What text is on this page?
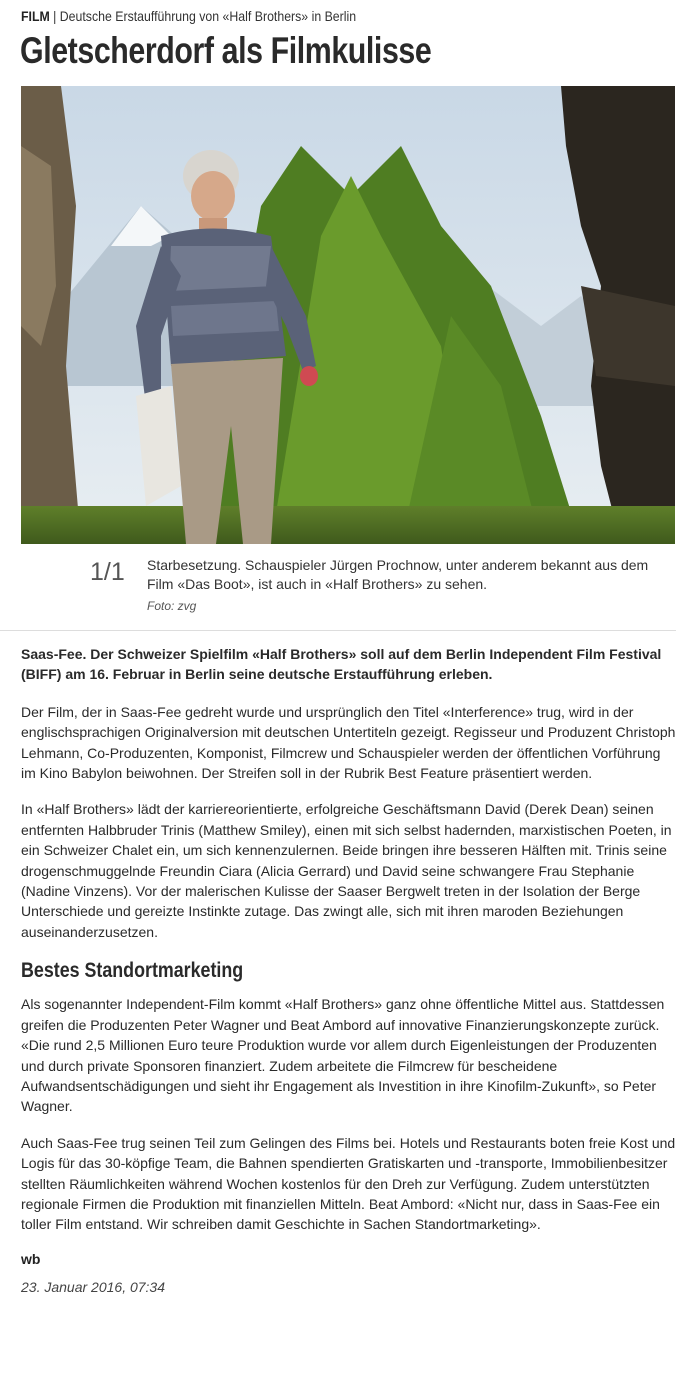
FILM | Deutsche Erstaufführung von «Half Brothers» in Berlin
Gletscherdorf als Filmkulisse
1/1 Starbesetzung. Schauspieler Jürgen Prochnow, unter anderem bekannt aus dem Film «Das Boot», ist auch in «Half Brothers» zu sehen.
Foto: zvg

Saas-Fee. Der Schweizer Spielfilm «Half Brothers» soll auf dem Berlin Independent Film Festival (BIFF) am 16. Februar in Berlin seine deutsche Erstaufführung erleben.

Der Film, der in Saas-Fee gedreht wurde und ursprünglich den Titel «Interference» trug, wird in der englischsprachigen Originalversion mit deutschen Untertiteln gezeigt. Regisseur und Produzent Christoph Lehmann, Co-Produzenten, Komponist, Filmcrew und Schauspieler werden der öffentlichen Vorführung im Kino Babylon beiwohnen. Der Streifen soll in der Rubrik Best Feature präsentiert werden.

In «Half Brothers» lädt der karriereorientierte, erfolgreiche Geschäftsmann David (Derek Dean) seinen entfernten Halbbruder Trinis (Matthew Smiley), einen mit sich selbst hadernden, marxistischen Poeten, in ein Schweizer Chalet ein, um sich kennenzulernen. Beide bringen ihre besseren Hälften mit. Trinis seine drogenschmuggelnde Freundin Ciara (Alicia Gerrard) und David seine schwangere Frau Stephanie (Nadine Vinzens). Vor der malerischen Kulisse der Saaser Bergwelt treten in der Isolation der Berge Unterschiede und gereizte Instinkte zutage. Das zwingt alle, sich mit ihren maroden Beziehungen auseinanderzusetzen.

Bestes Standortmarketing

Als sogenannter Independent-Film kommt «Half Brothers» ganz ohne öffentliche Mittel aus. Stattdessen greifen die Produzenten Peter Wagner und Beat Ambord auf innovative Finanzierungskonzepte zurück. «Die rund 2,5 Millionen Euro teure Produktion wurde vor allem durch Eigenleistungen der Produzenten und durch private Sponsoren finanziert. Zudem arbeitete die Filmcrew für bescheidene Aufwandsentschädigungen und sieht ihr Engagement als Investition in ihre Kinofilm-Zukunft», so Peter Wagner.

Auch Saas-Fee trug seinen Teil zum Gelingen des Films bei. Hotels und Restaurants boten freie Kost und Logis für das 30-köpfige Team, die Bahnen spendierten Gratiskarten und -transporte, Immobilienbesitzer stellten Räumlichkeiten während Wochen kostenlos für den Dreh zur Verfügung. Zudem unterstützten regionale Firmen die Produktion mit finanziellen Mitteln. Beat Ambord: «Nicht nur, dass in Saas-Fee ein toller Film entstand. Wir schreiben damit Geschichte in Sachen Standortmarketing».

wb
23. Januar 2016, 07:34
